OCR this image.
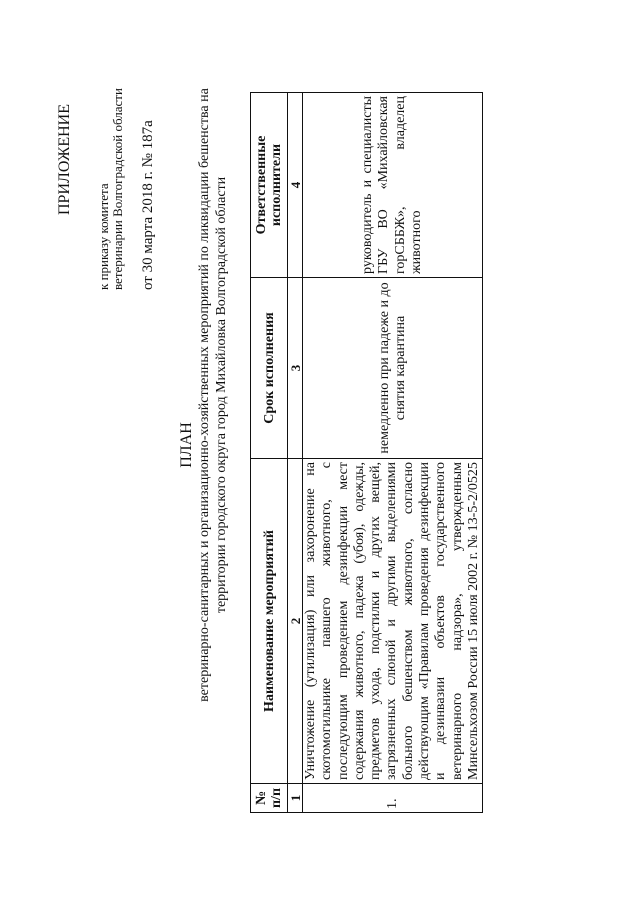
ПРИЛОЖЕНИЕ
к приказу комитета ветеринарии Волгоградской области от 30 марта 2018 г. № 187а
ПЛАН ветеринарно-санитарных и организационно-хозяйственных мероприятий по ликвидации бешенства на территории городского округа город Михайловка Волгоградской области
№ п/п	Наименование мероприятий	Срок исполнения	Ответственные исполнители
1	2	3	4
1.	Уничтожение (утилизация) или захоронение на скотомогильнике павшего животного, с последующим проведением дезинфекции мест содержания животного, падежа (убоя), одежды, предметов ухода, подстилки и других вещей, загрязненных слюной и другими выделениями больного бешенством животного, согласно действующим «Правилам проведения дезинфекции и дезинвазии объектов государственного ветеринарного надзора», утвержденным Минсельхозом России 15 июля 2002 г. № 13-5-2/0525	немедленно при падеже и до снятия карантина	руководитель и специалисты ГБУ ВО «Михайловская горСББЖ», владелец животного
